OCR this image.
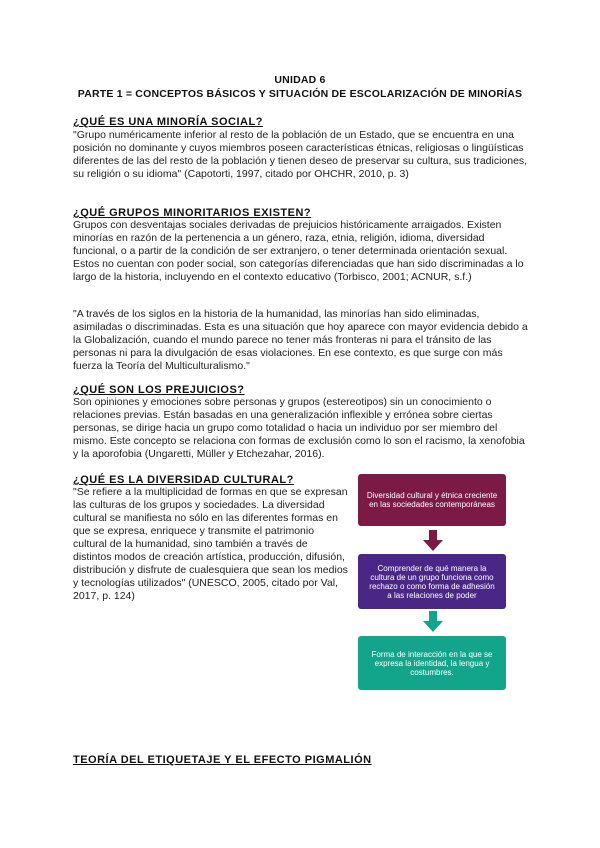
UNIDAD 6
PARTE 1 = CONCEPTOS BÁSICOS Y SITUACIÓN DE ESCOLARIZACIÓN DE MINORÍAS
¿QUÉ ES UNA MINORÍA SOCIAL?
"Grupo numéricamente inferior al resto de la población de un Estado, que se encuentra en una posición no dominante y cuyos miembros poseen características étnicas, religiosas o lingüísticas diferentes de las del resto de la población y tienen deseo de preservar su cultura, sus tradiciones, su religión o su idioma" (Capotorti, 1997, citado por OHCHR, 2010, p. 3)
¿QUÉ GRUPOS MINORITARIOS EXISTEN?
Grupos con desventajas sociales derivadas de prejuicios históricamente arraigados. Existen minorías en razón de la pertenencia a un género, raza, etnia, religión, idioma, diversidad funcional, o a partir de la condición de ser extranjero, o tener determinada orientación sexual. Estos no cuentan con poder social, son categorías diferenciadas que han sido discriminadas a lo largo de la historia, incluyendo en el contexto educativo (Torbisco, 2001; ACNUR, s.f.)
"A través de los siglos en la historia de la humanidad, las minorías han sido eliminadas, asimiladas o discriminadas. Esta es una situación que hoy aparece con mayor evidencia debido a la Globalización, cuando el mundo parece no tener más fronteras ni para el tránsito de las personas ni para la divulgación de esas violaciones. En ese contexto, es que surge con más fuerza la Teoría del Multiculturalismo."
¿QUÉ SON LOS PREJUICIOS?
Son opiniones y emociones sobre personas y grupos (estereotipos) sin un conocimiento o relaciones previas. Están basadas en una generalización inflexible y errónea sobre ciertas personas, se dirige hacia un grupo como totalidad o hacia un individuo por ser miembro del mismo. Este concepto se relaciona con formas de exclusión como lo son el racismo, la xenofobia y la aporofobia (Ungaretti, Müller y Etchezahar, 2016).
¿QUÉ ES LA DIVERSIDAD CULTURAL?
"Se refiere a la multiplicidad de formas en que se expresan las culturas de los grupos y sociedades. La diversidad cultural se manifiesta no sólo en las diferentes formas en que se expresa, enriquece y transmite el patrimonio cultural de la humanidad, sino también a través de distintos modos de creación artística, producción, difusión, distribución y disfrute de cualesquiera que sean los medios y tecnologías utilizados" (UNESCO, 2005, citado por Val, 2017, p. 124)
Diversidad cultural y étnica creciente en las sociedades contemporáneas
Comprender de qué manera la cultura de un grupo funciona como rechazo o como forma de adhesión a las relaciones de poder
Forma de interacción en la que se expresa la identidad, la lengua y costumbres.
TEORÍA DEL ETIQUETAJE Y EL EFECTO PIGMALIÓN
